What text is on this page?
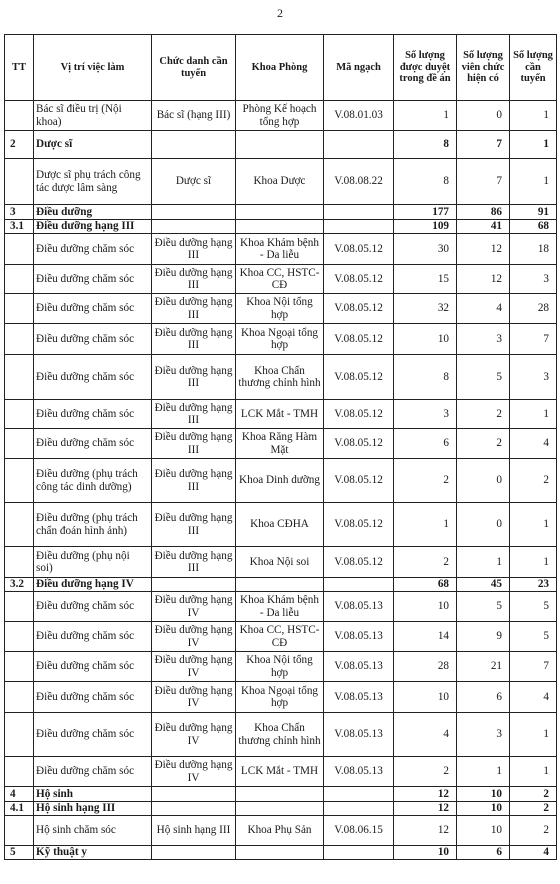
2
TT	Vị trí việc làm	Chức danh cần tuyển	Khoa Phòng	Mã ngạch	Số lượng được duyệt trong đề án	Số lượng viên chức hiện có	Số lượng cần tuyển
	Bác sĩ điều trị (Nội khoa)	Bác sĩ (hạng III)	Phòng Kế hoạch tổng hợp	V.08.01.03	1	0	1
2	Dược sĩ				8	7	1
	Dược sĩ phụ trách công tác dược lâm sàng	Dược sĩ	Khoa Dược	V.08.08.22	8	7	1
3	Điều dưỡng				177	86	91
3.1	Điều dưỡng hạng III				109	41	68
	Điều dưỡng chăm sóc	Điều dưỡng hạng III	Khoa Khám bệnh - Da liễu	V.08.05.12	30	12	18
	Điều dưỡng chăm sóc	Điều dưỡng hạng III	Khoa CC, HSTC-CĐ	V.08.05.12	15	12	3
	Điều dưỡng chăm sóc	Điều dưỡng hạng III	Khoa Nội tổng hợp	V.08.05.12	32	4	28
	Điều dưỡng chăm sóc	Điều dưỡng hạng III	Khoa Ngoại tổng hợp	V.08.05.12	10	3	7
	Điều dưỡng chăm sóc	Điều dưỡng hạng III	Khoa Chấn thương chỉnh hình	V.08.05.12	8	5	3
	Điều dưỡng chăm sóc	Điều dưỡng hạng III	LCK Mắt - TMH	V.08.05.12	3	2	1
	Điều dưỡng chăm sóc	Điều dưỡng hạng III	Khoa Răng Hàm Mặt	V.08.05.12	6	2	4
	Điều dưỡng (phụ trách công tác dinh dưỡng)	Điều dưỡng hạng III	Khoa Dinh dưỡng	V.08.05.12	2	0	2
	Điều dưỡng (phụ trách chẩn đoán hình ảnh)	Điều dưỡng hạng III	Khoa CĐHA	V.08.05.12	1	0	1
	Điều dưỡng (phụ nội soi)	Điều dưỡng hạng III	Khoa Nội soi	V.08.05.12	2	1	1
3.2	Điều dưỡng hạng IV				68	45	23
	Điều dưỡng chăm sóc	Điều dưỡng hạng IV	Khoa Khám bệnh - Da liễu	V.08.05.13	10	5	5
	Điều dưỡng chăm sóc	Điều dưỡng hạng IV	Khoa CC, HSTC-CĐ	V.08.05.13	14	9	5
	Điều dưỡng chăm sóc	Điều dưỡng hạng IV	Khoa Nội tổng hợp	V.08.05.13	28	21	7
	Điều dưỡng chăm sóc	Điều dưỡng hạng IV	Khoa Ngoại tổng hợp	V.08.05.13	10	6	4
	Điều dưỡng chăm sóc	Điều dưỡng hạng IV	Khoa Chấn thương chỉnh hình	V.08.05.13	4	3	1
	Điều dưỡng chăm sóc	Điều dưỡng hạng IV	LCK Mắt - TMH	V.08.05.13	2	1	1
4	Hộ sinh				12	10	2
4.1	Hộ sinh hạng III				12	10	2
	Hộ sinh chăm sóc	Hộ sinh hạng III	Khoa Phụ Sản	V.08.06.15	12	10	2
5	Kỹ thuật y				10	6	4
